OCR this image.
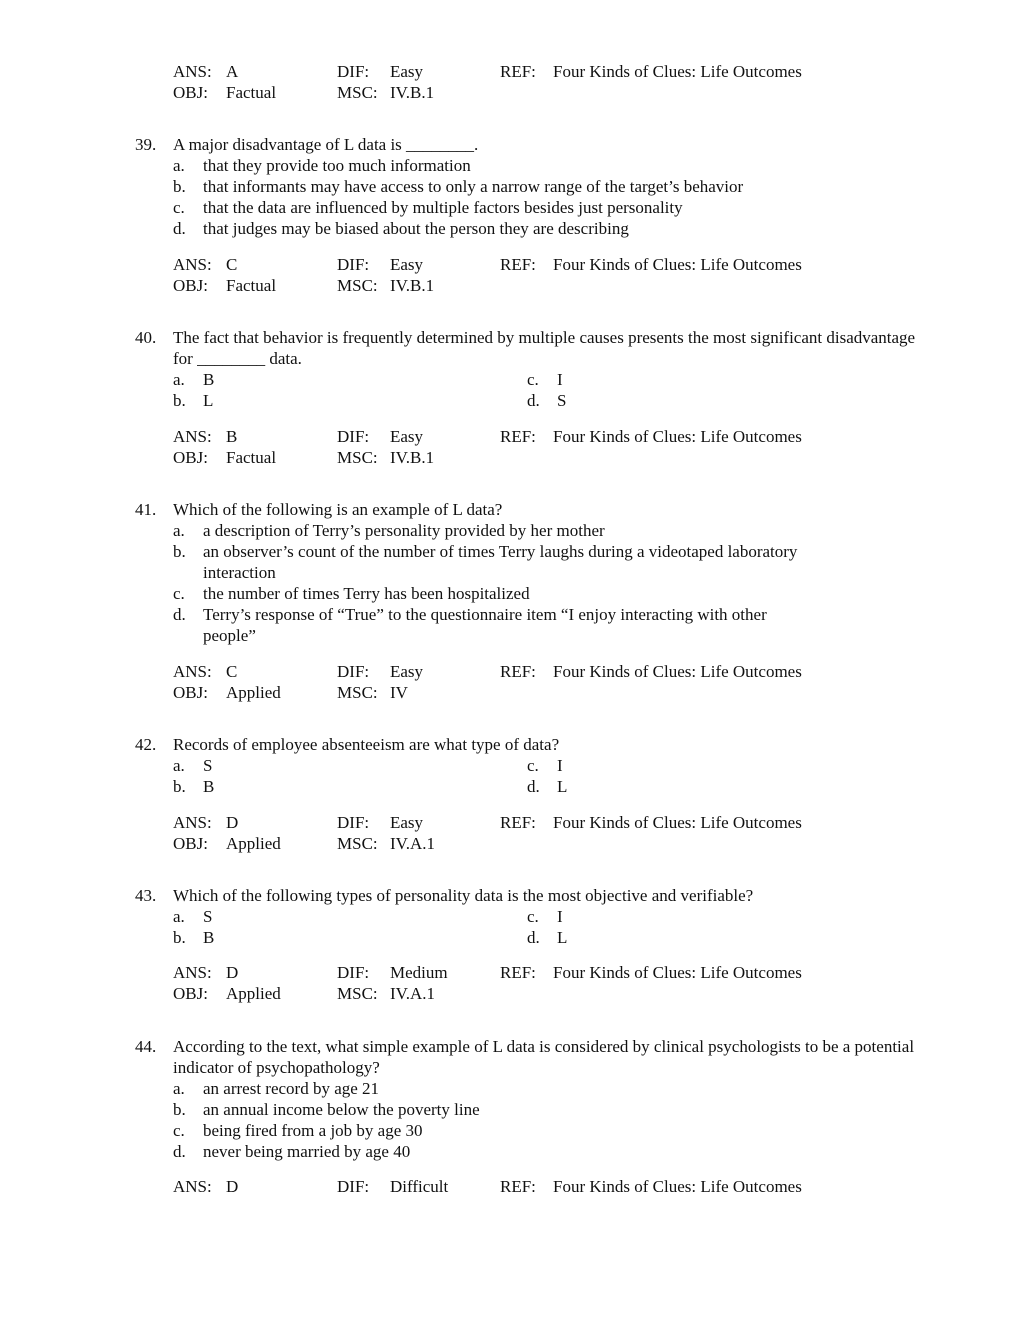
ANS: A	DIF: Easy	REF: Four Kinds of Clues: Life Outcomes
OBJ: Factual	MSC: IV.B.1
39. A major disadvantage of L data is ________.
a. that they provide too much information
b. that informants may have access to only a narrow range of the target’s behavior
c. that the data are influenced by multiple factors besides just personality
d. that judges may be biased about the person they are describing
ANS: C	DIF: Easy	REF: Four Kinds of Clues: Life Outcomes
OBJ: Factual	MSC: IV.B.1
40. The fact that behavior is frequently determined by multiple causes presents the most significant disadvantage for ________ data.
a. B
b. L
c. I
d. S
ANS: B	DIF: Easy	REF: Four Kinds of Clues: Life Outcomes
OBJ: Factual	MSC: IV.B.1
41. Which of the following is an example of L data?
a. a description of Terry’s personality provided by her mother
b. an observer’s count of the number of times Terry laughs during a videotaped laboratory interaction
c. the number of times Terry has been hospitalized
d. Terry’s response of “True” to the questionnaire item “I enjoy interacting with other people”
ANS: C	DIF: Easy	REF: Four Kinds of Clues: Life Outcomes
OBJ: Applied	MSC: IV
42. Records of employee absenteeism are what type of data?
a. S
b. B
c. I
d. L
ANS: D	DIF: Easy	REF: Four Kinds of Clues: Life Outcomes
OBJ: Applied	MSC: IV.A.1
43. Which of the following types of personality data is the most objective and verifiable?
a. S
b. B
c. I
d. L
ANS: D	DIF: Medium	REF: Four Kinds of Clues: Life Outcomes
OBJ: Applied	MSC: IV.A.1
44. According to the text, what simple example of L data is considered by clinical psychologists to be a potential indicator of psychopathology?
a. an arrest record by age 21
b. an annual income below the poverty line
c. being fired from a job by age 30
d. never being married by age 40
ANS: D	DIF: Difficult	REF: Four Kinds of Clues: Life Outcomes
